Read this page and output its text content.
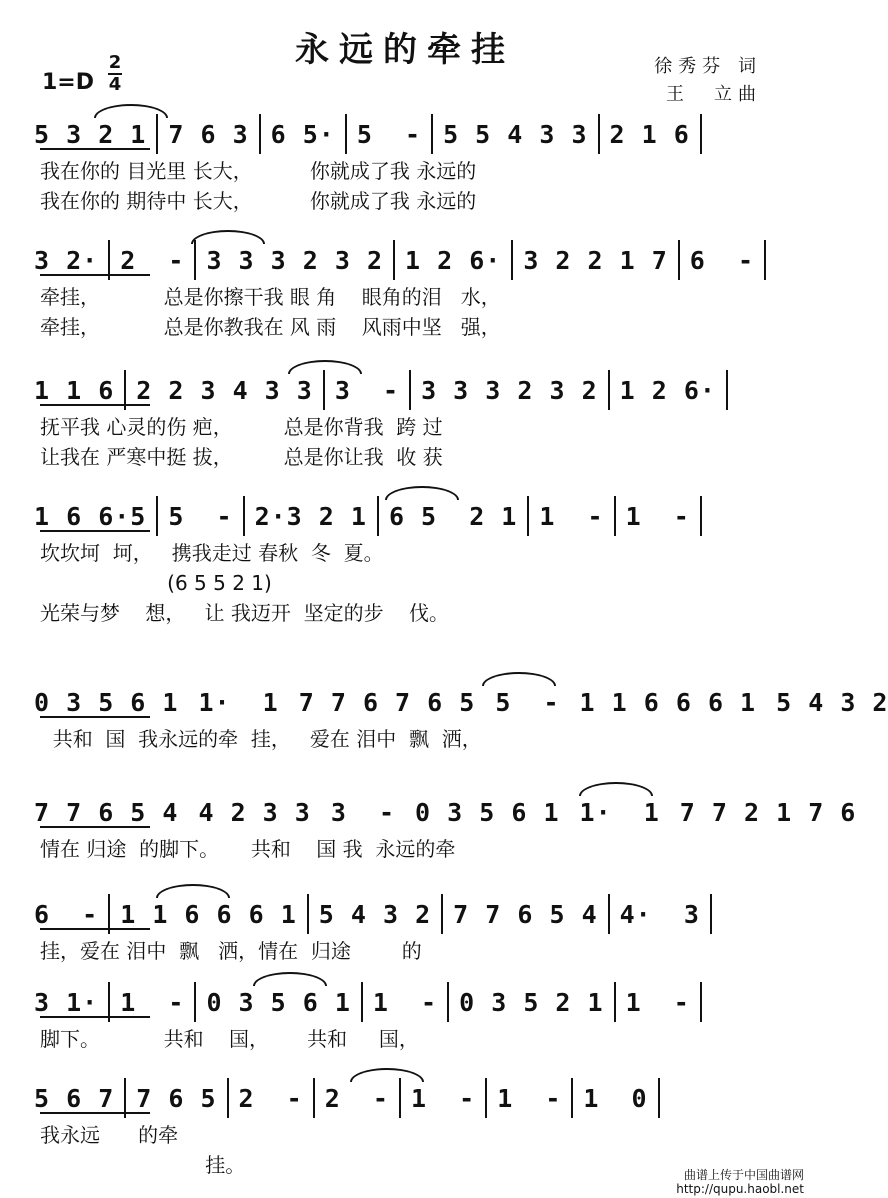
永远的牵挂	徐秀芬 词
王　立曲
1=D
2
4
5 3 2 1 7 6 3 6 5· 5  - 5 5 4 3 3 2 1 6
我在你的 目光里 长大，         你就成了我 永远的
我在你的 期待中 长大，         你就成了我 永远的
3 2· 2  - 3 3 3 2 3 2 1 2 6· 3 2 2 1 7 6  -
牵挂，          总是你擦干我 眼 角    眼角的泪   水，
牵挂，          总是你教我在 风 雨    风雨中坚   强，
1 1 6 2 2 3 4 3 3 3  - 3 3 3 2 3 2 1 2 6·
抚平我 心灵的伤 疤，        总是你背我  跨 过
让我在 严寒中挺 拔，        总是你让我  收 获
1 6 6·5 5  - 2·3 2 1 6 5  2 1 1  - 1  -
坎坎坷  坷，   携我走过 春秋  冬  夏。
(6 5 5 2 1)
光荣与梦    想，   让 我迈开  坚定的步    伐。
0 3 5 6 1 1·  1 7 7 6 7 6 5 5  - 1 1 6 6 6 1 5 4 3 2
共和  国  我永远的牵  挂，   爱在 泪中  飘  洒，
7 7 6 5 4 4 2 3 3 3  - 0 3 5 6 1 1·  1 7 7 2 1 7 6
情在 归途  的脚下。     共和    国 我  永远的牵
6  - 1 1 6 6 6 1 5 4 3 2 7 7 6 5 4 4·  3
挂，爱在 泪中  飘   洒，情在  归途        的
3 1· 1  - 0 3 5 6 1 1  - 0 3 5 2 1 1  -
脚下。          共和    国，      共和     国，
5 6 7 7 6 5 2  - 2  - 1  - 1  - 1  0
我永远      的牵
挂。	曲谱上传于中国曲谱网
http://qupu.haobl.net
